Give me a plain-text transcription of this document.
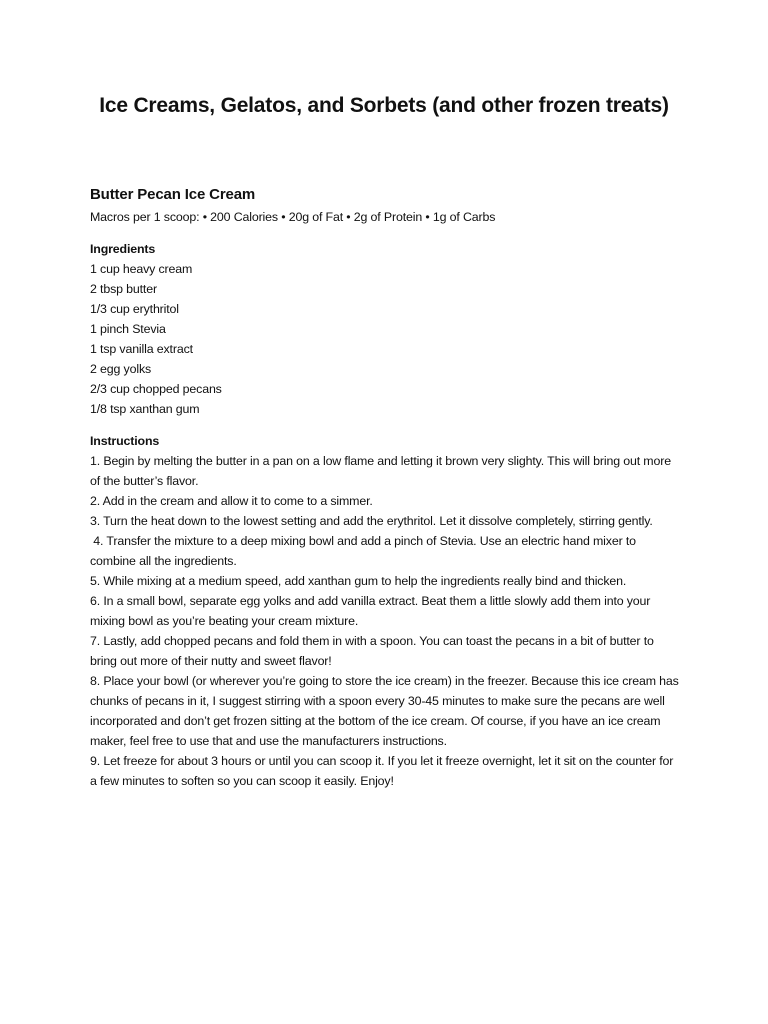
Ice Creams, Gelatos, and Sorbets (and other frozen treats)
Butter Pecan Ice Cream
Macros per 1 scoop: • 200 Calories • 20g of Fat • 2g of Protein • 1g of Carbs
Ingredients
1 cup heavy cream
2 tbsp butter
1/3 cup erythritol
1 pinch Stevia
1 tsp vanilla extract
2 egg yolks
2/3 cup chopped pecans
1/8 tsp xanthan gum
Instructions
1. Begin by melting the butter in a pan on a low flame and letting it brown very slighty. This will bring out more of the butter’s flavor.
2. Add in the cream and allow it to come to a simmer.
3. Turn the heat down to the lowest setting and add the erythritol. Let it dissolve completely, stirring gently.
4. Transfer the mixture to a deep mixing bowl and add a pinch of Stevia. Use an electric hand mixer to combine all the ingredients.
5. While mixing at a medium speed, add xanthan gum to help the ingredients really bind and thicken.
6. In a small bowl, separate egg yolks and add vanilla extract. Beat them a little slowly add them into your mixing bowl as you’re beating your cream mixture.
7. Lastly, add chopped pecans and fold them in with a spoon. You can toast the pecans in a bit of butter to bring out more of their nutty and sweet flavor!
8. Place your bowl (or wherever you’re going to store the ice cream) in the freezer. Because this ice cream has chunks of pecans in it, I suggest stirring with a spoon every 30-45 minutes to make sure the pecans are well incorporated and don’t get frozen sitting at the bottom of the ice cream. Of course, if you have an ice cream maker, feel free to use that and use the manufacturers instructions.
9. Let freeze for about 3 hours or until you can scoop it. If you let it freeze overnight, let it sit on the counter for a few minutes to soften so you can scoop it easily. Enjoy!
